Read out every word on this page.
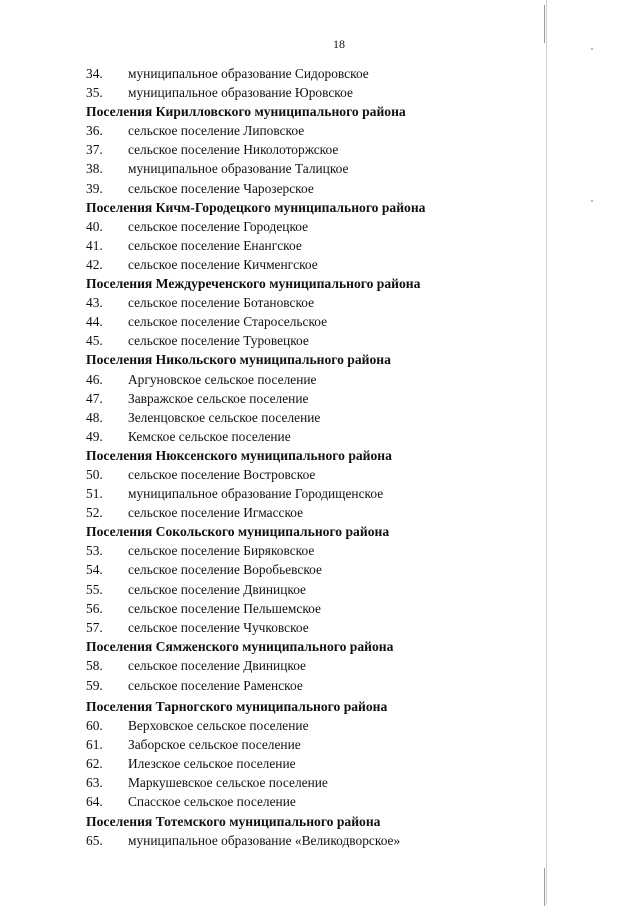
18
34. муниципальное образование Сидоровское
35. муниципальное образование Юровское
Поселения Кирилловского муниципального района
36. сельское поселение Липовское
37. сельское поселение Николоторжское
38. муниципальное образование Талицкое
39. сельское поселение Чарозерское
Поселения Кичм-Городецкого муниципального района
40. сельское поселение Городецкое
41. сельское поселение Енангское
42. сельское поселение Кичменгское
Поселения Междуреченского муниципального района
43. сельское поселение Ботановское
44. сельское поселение Старосельское
45. сельское поселение Туровецкое
Поселения Никольского муниципального района
46. Аргуновское сельское поселение
47. Завражское сельское поселение
48. Зеленцовское сельское поселение
49. Кемское сельское поселение
Поселения Нюксенского муниципального района
50. сельское поселение Востровское
51. муниципальное образование Городищенское
52. сельское поселение Игмасское
Поселения Сокольского муниципального района
53. сельское поселение Биряковское
54. сельское поселение Воробьевское
55. сельское поселение Двиницкое
56. сельское поселение Пельшемское
57. сельское поселение Чучковское
Поселения Сямженского муниципального района
58. сельское поселение Двиницкое
59. сельское поселение Раменское
Поселения Тарногского муниципального района
60. Верховское сельское поселение
61. Заборское сельское поселение
62. Илезское сельское поселение
63. Маркушевское сельское поселение
64. Спасское сельское поселение
Поселения Тотемского муниципального района
65. муниципальное образование «Великодворское»
